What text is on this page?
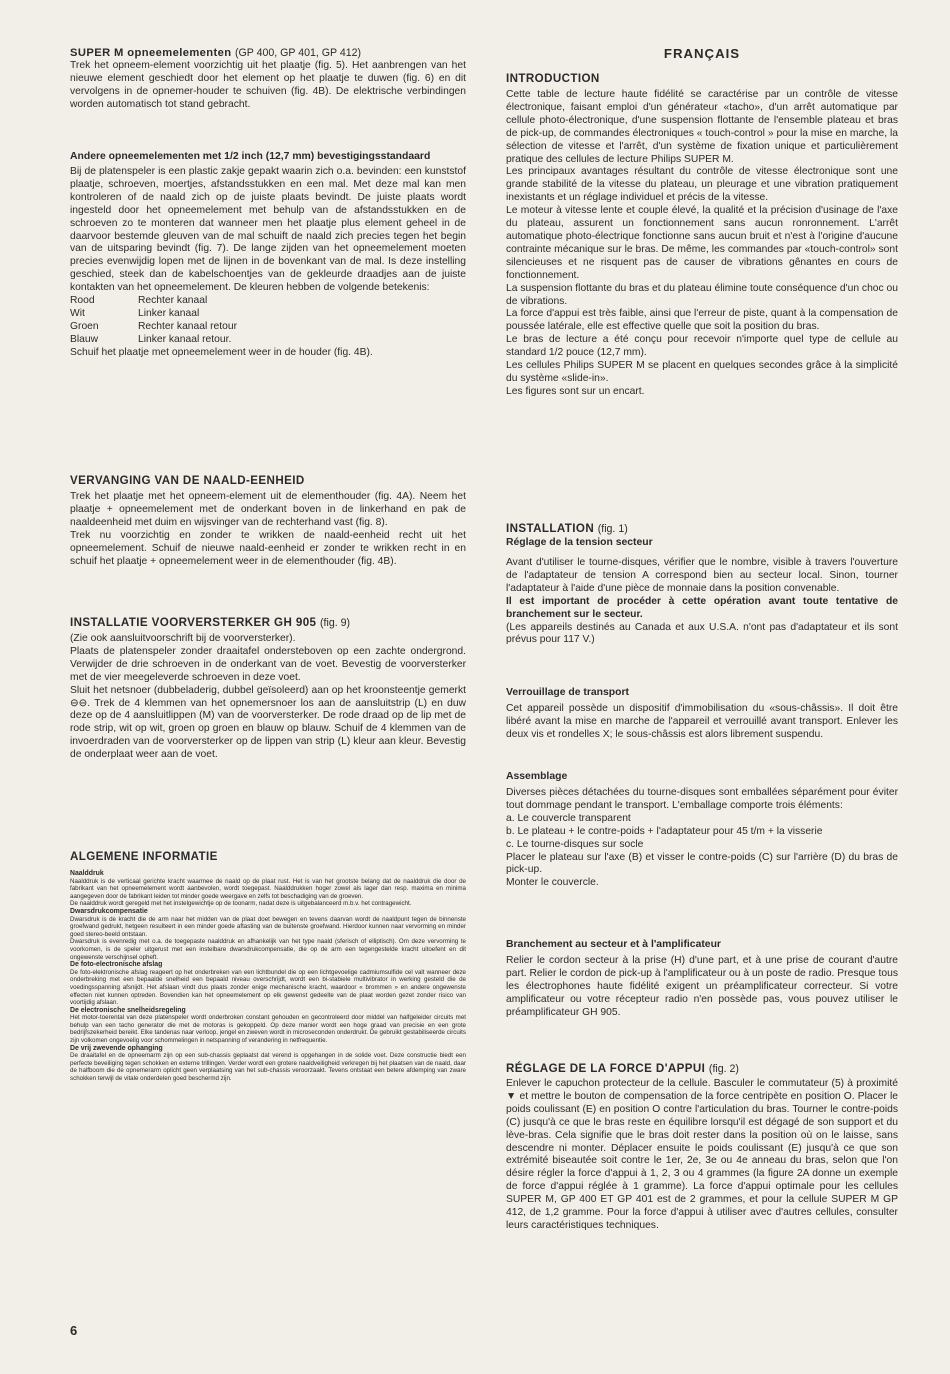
SUPER M opneemelementen (GP 400, GP 401, GP 412)

Trek het opneem-element voorzichtig uit het plaatje (fig. 5). Het aanbrengen van het nieuwe element geschiedt door het element op het plaatje te duwen (fig. 6) en dit vervolgens in de opnemer-houder te schuiven (fig. 4B). De elektrische verbindingen worden automatisch tot stand gebracht.

Andere opneemelementen met 1/2 inch (12,7 mm) bevestigingsstandaard

Bij de platenspeler is een plastic zakje gepakt waarin zich o.a. bevinden: een kunststof plaatje, schroeven, moertjes, afstandsstukken en een mal. Met deze mal kan men kontroleren of de naald zich op de juiste plaats bevindt. De juiste plaats wordt ingesteld door het opneemelement met behulp van de afstandsstukken en de schroeven zo te monteren dat wanneer men het plaatje plus element geheel in de daarvoor bestemde gleuven van de mal schuift de naald zich precies tegen het begin van de uitsparing bevindt (fig. 7). De lange zijden van het opneemelement moeten precies evenwijdig lopen met de lijnen in de bovenkant van de mal. Is deze instelling geschied, steek dan de kabelschoentjes van de gekleurde draadjes aan de juiste kontakten van het opneemelement. De kleuren hebben de volgende betekenis:

Rood	Rechter kanaal
Wit	Linker kanaal
Groen	Rechter kanaal retour
Blauw	Linker kanaal retour.

Schuif het plaatje met opneemelement weer in de houder (fig. 4B).

VERVANGING VAN DE NAALD-EENHEID

Trek het plaatje met het opneem-element uit de elementhouder (fig. 4A). Neem het plaatje + opneemelement met de onderkant boven in de linkerhand en pak de naaldeenheid met duim en wijsvinger van de rechterhand vast (fig. 8).

Trek nu voorzichtig en zonder te wrikken de naald-eenheid recht uit het opneemelement. Schuif de nieuwe naald-eenheid er zonder te wrikken recht in en schuif het plaatje + opneemelement weer in de elementhouder (fig. 4B).

INSTALLATIE VOORVERSTERKER GH 905 (fig. 9)

(Zie ook aansluitvoorschrift bij de voorversterker).

Plaats de platenspeler zonder draaitafel ondersteboven op een zachte ondergrond. Verwijder de drie schroeven in de onderkant van de voet. Bevestig de voorversterker met de vier meegeleverde schroeven in deze voet.

Sluit het netsnoer (dubbeladerig, dubbel geïsoleerd) aan op het kroonsteentje gemerkt ⊖⊖. Trek de 4 klemmen van het opnemersnoer los aan de aansluitstrip (L) en duw deze op de 4 aansluitlippen (M) van de voorversterker. De rode draad op de lip met de rode strip, wit op wit, groen op groen en blauw op blauw. Schuif de 4 klemmen van de invoerdraden van de voorversterker op de lippen van strip (L) kleur aan kleur. Bevestig de onderplaat weer aan de voet.

ALGEMENE INFORMATIE

Naalddruk

Naalddruk is de verticaal gerichte kracht waarmee de naald op de plaat rust. Het is van het grootste belang dat de naalddruk die door de fabrikant van het opneemelement wordt aanbevolen, wordt toegepast. Naalddrukken hoger zowel als lager dan resp. maxima en minima aangegeven door de fabrikant leiden tot minder goede weergave en zelfs tot beschadiging van de groeven.
De naalddruk wordt geregeld met het instelgewichtje op de toonarm, nadat deze is uitgebalanceerd m.b.v. het contragewicht.

Dwarsdrukcompensatie

Dwarsdruk is de kracht die de arm naar het midden van de plaat doet bewegen en tevens daarvan wordt de naaldpunt tegen de binnenste groefwand gedrukt, hetgeen resulteert in een minder goede aftasting van de buitenste groefwand. Hierdoor kunnen naar vervorming en minder goed stereo-beeld ontstaan.
Dwarsdruk is evenredig met o.a. de toegepaste naalddruk en afhankelijk van het type naald (sferisch of elliptisch). Om deze vervorming te voorkomen, is de speler uitgerust met een instelbare dwarsdrukcompensatie, die op de arm een tegengestelde kracht uitoefent en dit ongewenste verschijnsel opheft.

De foto-electronische afslag

De foto-elektronische afslag reageert op het onderbreken van een lichtbundel die op een lichtgevoelige cadmiumsulfide cel valt wanneer deze onderbreking met een bepaalde snelheid een bepaald niveau overschrijdt, wordt een bi-stabiele multivibrator in werking gesteld die de voedingsspanning afsnijdt. Het afslaan vindt dus plaats zonder enige mechanische kracht, waardoor « brommen » en andere ongewenste effecten niet kunnen optreden. Bovendien kan het opneemelement op elk gewenst gedeelte van de plaat worden gezet zonder risico van voortijdig afslaan.

De electronische snelheidsregeling

Het motor-toerental van deze platenspeler wordt onderbroken constant gehouden en gecontroleerd door middel van halfgeleider circuits met behulp van een tacho generator die met de motoras is gekoppeld. Op deze manier wordt een hoge graad van precisie en een grote bedrijfszekerheid bereikt. Elke tandenas naar verloop, jengel en zweven wordt in microseconden onderdrukt. De gebruikt gestabiliseerde circuits zijn volkomen ongevoelig voor schommelingen in netspanning of verandering in netfrequentie.

De vrij zwevende ophanging

De draaitafel en de opneemarm zijn op een sub-chassis geplaatst dat verend is opgehangen in de solide voet. Deze constructie biedt een perfecte beveiliging tegen schokken en externe trillingen. Verder wordt een grotere naaldveiligheid verkregen bij het plaatsen van de naald, daar de halfboom die de opnemerarm oplicht geen verplaatsing van het sub-chassis veroorzaakt. Tevens ontstaat een betere afdemping van zware schokken terwijl de vitale onderdelen goed beschermd zijn.

FRANÇAIS

INTRODUCTION

Cette table de lecture haute fidélité se caractérise par un contrôle de vitesse électronique, faisant emploi d'un générateur «tacho», d'un arrêt automatique par cellule photo-électronique, d'une suspension flottante de l'ensemble plateau et bras de pick-up, de commandes électroniques « touch-control » pour la mise en marche, la sélection de vitesse et l'arrêt, d'un système de fixation unique et particulièrement pratique des cellules de lecture Philips SUPER M.

Les principaux avantages résultant du contrôle de vitesse électronique sont une grande stabilité de la vitesse du plateau, un pleurage et une vibration pratiquement inexistants et un réglage individuel et précis de la vitesse.

Le moteur à vitesse lente et couple élevé, la qualité et la précision d'usinage de l'axe du plateau, assurent un fonctionnement sans aucun ronronnement. L'arrêt automatique photo-électrique fonctionne sans aucun bruit et n'est à l'origine d'aucune contrainte mécanique sur le bras. De même, les commandes par «touch-control» sont silencieuses et ne risquent pas de causer de vibrations gênantes en cours de fonctionnement.

La suspension flottante du bras et du plateau élimine toute conséquence d'un choc ou de vibrations.

La force d'appui est très faible, ainsi que l'erreur de piste, quant à la compensation de poussée latérale, elle est effective quelle que soit la position du bras.

Le bras de lecture a été conçu pour recevoir n'importe quel type de cellule au standard 1/2 pouce (12,7 mm).

Les cellules Philips SUPER M se placent en quelques secondes grâce à la simplicité du système «slide-in».

Les figures sont sur un encart.

INSTALLATION (fig. 1)

Réglage de la tension secteur

Avant d'utiliser le tourne-disques, vérifier que le nombre, visible à travers l'ouverture de l'adaptateur de tension A correspond bien au secteur local. Sinon, tourner l'adaptateur à l'aide d'une pièce de monnaie dans la position convenable.

Il est important de procéder à cette opération avant toute tentative de branchement sur le secteur.

(Les appareils destinés au Canada et aux U.S.A. n'ont pas d'adaptateur et ils sont prévus pour 117 V.)

Verrouillage de transport

Cet appareil possède un dispositif d'immobilisation du «sous-châssis». Il doit être libéré avant la mise en marche de l'appareil et verrouillé avant transport. Enlever les deux vis et rondelles X; le sous-châssis est alors librement suspendu.

Assemblage

Diverses pièces détachées du tourne-disques sont emballées séparément pour éviter tout dommage pendant le transport. L'emballage comporte trois éléments:

a. Le couvercle transparent

b. Le plateau + le contre-poids + l'adaptateur pour 45 t/m + la visserie

c. Le tourne-disques sur socle

Placer le plateau sur l'axe (B) et visser le contre-poids (C) sur l'arrière (D) du bras de pick-up.

Monter le couvercle.

Branchement au secteur et à l'amplificateur

Relier le cordon secteur à la prise (H) d'une part, et à une prise de courant d'autre part. Relier le cordon de pick-up à l'amplificateur ou à un poste de radio. Presque tous les électrophones haute fidélité exigent un préamplificateur correcteur. Si votre amplificateur ou votre récepteur radio n'en possède pas, vous pouvez utiliser le préamplificateur GH 905.

RÉGLAGE DE LA FORCE D'APPUI (fig. 2)

Enlever le capuchon protecteur de la cellule. Basculer le commutateur (5) à proximité ▼ et mettre le bouton de compensation de la force centripète en position O. Placer le poids coulissant (E) en position O contre l'articulation du bras. Tourner le contre-poids (C) jusqu'à ce que le bras reste en équilibre lorsqu'il est dégagé de son support et du lève-bras. Cela signifie que le bras doit rester dans la position où on le laisse, sans descendre ni monter. Déplacer ensuite le poids coulissant (E) jusqu'à ce que son extrémité biseautée soit contre le 1er, 2e, 3e ou 4e anneau du bras, selon que l'on désire régler la force d'appui à 1, 2, 3 ou 4 grammes (la figure 2A donne un exemple de force d'appui réglée à 1 gramme). La force d'appui optimale pour les cellules SUPER M, GP 400 ET GP 401 est de 2 grammes, et pour la cellule SUPER M GP 412, de 1,2 gramme. Pour la force d'appui à utiliser avec d'autres cellules, consulter leurs caractéristiques techniques.

6
